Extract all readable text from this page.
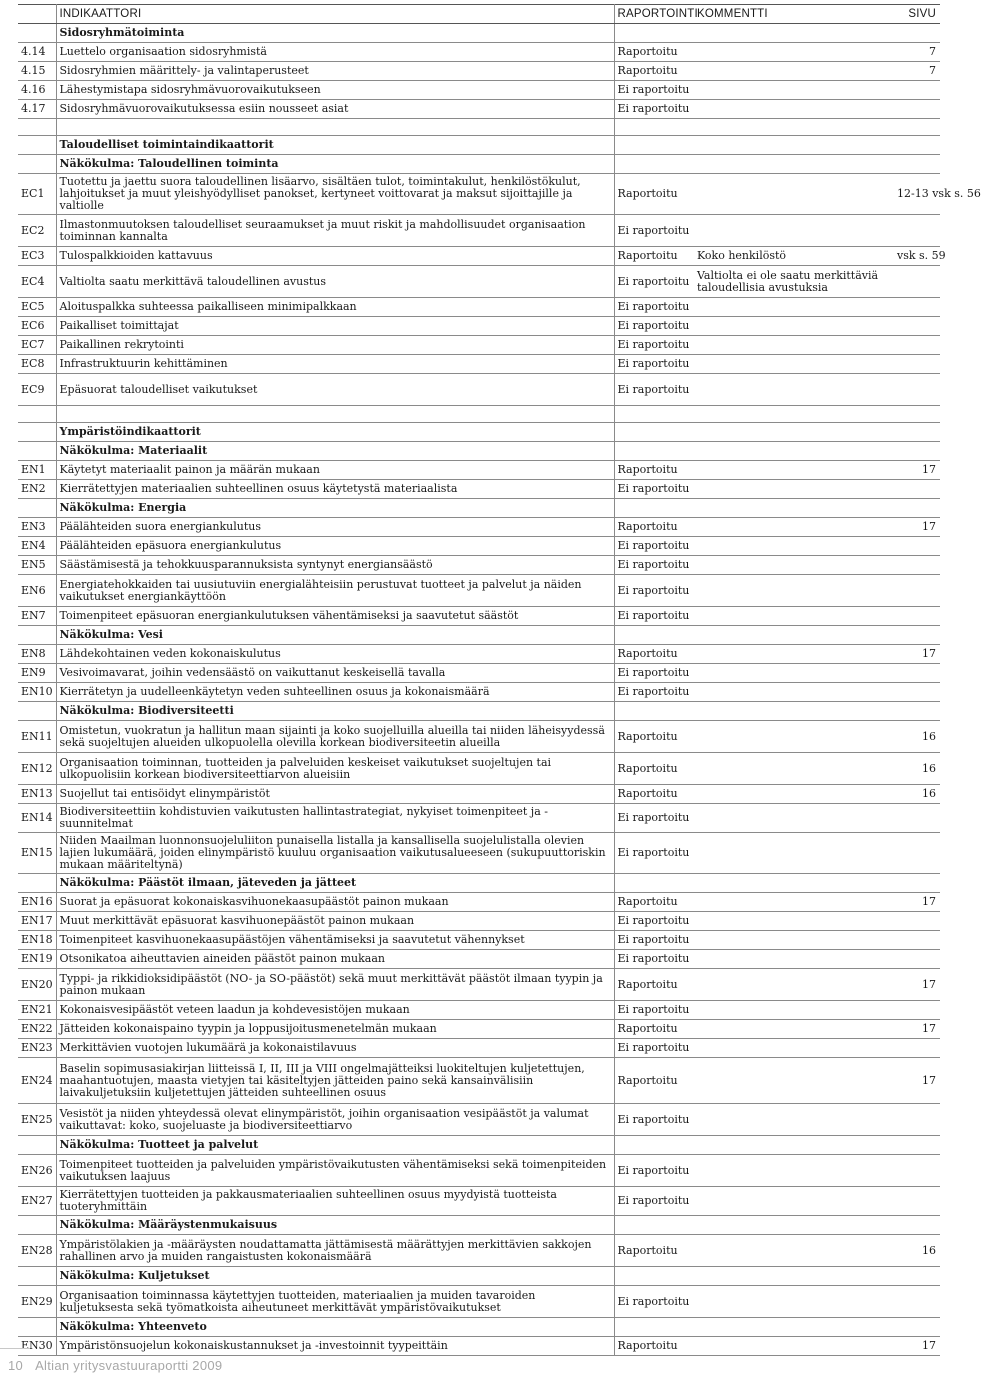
	INDIKAATTORI	RAPORTOINTI	KOMMENTTI	SIVU
	Sidosryhmätoiminta			
4.14	Luettelo organisaation sidosryhmistä	Raportoitu		7
4.15	Sidosryhmien määrittely- ja valintaperusteet	Raportoitu		7
4.16	Lähestymistapa sidosryhmävuorovaikutukseen	Ei raportoitu		
4.17	Sidosryhmävuorovaikutuksessa esiin nousseet asiat	Ei raportoitu		

	Taloudelliset toimintaindikaattorit			
	Näkökulma: Taloudellinen toiminta			
EC1	Tuotettu ja jaettu suora taloudellinen lisäarvo, sisältäen tulot, toimintakulut, henkilöstökulut, lahjoitukset ja muut yleishyödylliset panokset, kertyneet voittovarat ja maksut sijoittajille ja valtiolle	Raportoitu		12-13 vsk s. 56
EC2	Ilmastonmuutoksen taloudelliset seuraamukset ja muut riskit ja mahdollisuudet organisaation toiminnan kannalta	Ei raportoitu		
EC3	Tulospalkkioiden kattavuus	Raportoitu	Koko henkilöstö	vsk s. 59
EC4	Valtiolta saatu merkittävä taloudellinen avustus	Ei raportoitu	Valtiolta ei ole saatu merkittäviä taloudellisia avustuksia	
EC5	Aloituspalkka suhteessa paikalliseen minimipalkkaan	Ei raportoitu		
EC6	Paikalliset toimittajat	Ei raportoitu		
EC7	Paikallinen rekrytointi	Ei raportoitu		
EC8	Infrastruktuurin kehittäminen	Ei raportoitu		
EC9	Epäsuorat taloudelliset vaikutukset	Ei raportoitu		

	Ympäristöindikaattorit			
	Näkökulma: Materiaalit			
EN1	Käytetyt materiaalit painon ja määrän mukaan	Raportoitu		17
EN2	Kierrätettyjen materiaalien suhteellinen osuus käytetystä materiaalista	Ei raportoitu		
	Näkökulma: Energia			
EN3	Päälähteiden suora energiankulutus	Raportoitu		17
EN4	Päälähteiden epäsuora energiankulutus	Ei raportoitu		
EN5	Säästämisestä ja tehokkuusparannuksista syntynyt energiansäästö	Ei raportoitu		
EN6	Energiatehokkaiden tai uusiutuviin energialähteisiin perustuvat tuotteet ja palvelut ja näiden vaikutukset energiankäyttöön	Ei raportoitu		
EN7	Toimenpiteet epäsuoran energiankulutuksen vähentämiseksi ja saavutetut säästöt	Ei raportoitu		
	Näkökulma: Vesi			
EN8	Lähdekohtainen veden kokonaiskulutus	Raportoitu		17
EN9	Vesivoimavarat, joihin vedensäästö on vaikuttanut keskeisellä tavalla	Ei raportoitu		
EN10	Kierrätetyn ja uudelleenkäytetyn veden suhteellinen osuus ja kokonaismäärä	Ei raportoitu		
	Näkökulma: Biodiversiteetti			
EN11	Omistetun, vuokratun ja hallitun maan sijainti ja koko suojelluilla alueilla tai niiden läheisyydessä sekä suojeltujen alueiden ulkopuolella olevilla korkean biodiversiteetin alueilla	Raportoitu		16
EN12	Organisaation toiminnan, tuotteiden ja palveluiden keskeiset vaikutukset suojeltujen tai ulkopuolisiin korkean biodiversiteettiarvon alueisiin	Raportoitu		16
EN13	Suojellut tai entisöidyt elinympäristöt	Raportoitu		16
EN14	Biodiversiteettiin kohdistuvien vaikutusten hallintastrategiat, nykyiset toimenpiteet ja -suunnitelmat	Ei raportoitu		
EN15	Niiden Maailman luonnonsuojeluliiton punaisella listalla ja kansallisella suojelulistalla olevien lajien lukumäärä, joiden elinympäristö kuuluu organisaation vaikutusalueeseen (sukupuuttoriskin mukaan määriteltynä)	Ei raportoitu		
	Näkökulma: Päästöt ilmaan, jäteveden ja jätteet			
EN16	Suorat ja epäsuorat kokonaiskasvihuonekaasupäästöt painon mukaan	Raportoitu		17
EN17	Muut merkittävät epäsuorat kasvihuonepäästöt painon mukaan	Ei raportoitu		
EN18	Toimenpiteet kasvihuonekaasupäästöjen vähentämiseksi ja saavutetut vähennykset	Ei raportoitu		
EN19	Otsonikatoa aiheuttavien aineiden päästöt painon mukaan	Ei raportoitu		
EN20	Typpi- ja rikkidioksidipäästöt (NO- ja SO-päästöt) sekä muut merkittävät päästöt ilmaan tyypin ja painon mukaan	Raportoitu		17
EN21	Kokonaisvesipäästöt veteen laadun ja kohdevesistöjen mukaan	Ei raportoitu		
EN22	Jätteiden kokonaispaino tyypin ja loppusijoitusmenetelmän mukaan	Raportoitu		17
EN23	Merkittävien vuotojen lukumäärä ja kokonaistilavuus	Ei raportoitu		
EN24	Baselin sopimusasiakirjan liitteissä I, II, III ja VIII ongelmajätteiksi luokiteltujen kuljetettujen, maahantuotujen, maasta vietyjen tai käsiteltyjen jätteiden paino sekä kansainvälisiin laivakuljetuksiin kuljetettujen jätteiden suhteellinen osuus	Raportoitu		17
EN25	Vesistöt ja niiden yhteydessä olevat elinympäristöt, joihin organisaation vesipäästöt ja valumat vaikuttavat: koko, suojeluaste ja biodiversiteettiarvo	Ei raportoitu		
	Näkökulma: Tuotteet ja palvelut			
EN26	Toimenpiteet tuotteiden ja palveluiden ympäristövaikutusten vähentämiseksi sekä toimenpiteiden vaikutuksen laajuus	Ei raportoitu		
EN27	Kierrätettyjen tuotteiden ja pakkausmateriaalien suhteellinen osuus myydyistä tuotteista tuoteryhmittäin	Ei raportoitu		
	Näkökulma: Määräystenmukaisuus			
EN28	Ympäristölakien ja -määräysten noudattamatta jättämisestä määrättyjen merkittävien sakkojen rahallinen arvo ja muiden rangaistusten kokonaismäärä	Raportoitu		16
	Näkökulma: Kuljetukset			
EN29	Organisaation toiminnassa käytettyjen tuotteiden, materiaalien ja muiden tavaroiden kuljetuksesta sekä työmatkoista aiheutuneet merkittävät ympäristövaikutukset	Ei raportoitu		
	Näkökulma: Yhteenveto			
EN30	Ympäristönsuojelun kokonaiskustannukset ja -investoinnit tyypeittäin	Raportoitu		17
10 Altian yritysvastuuraportti 2009
